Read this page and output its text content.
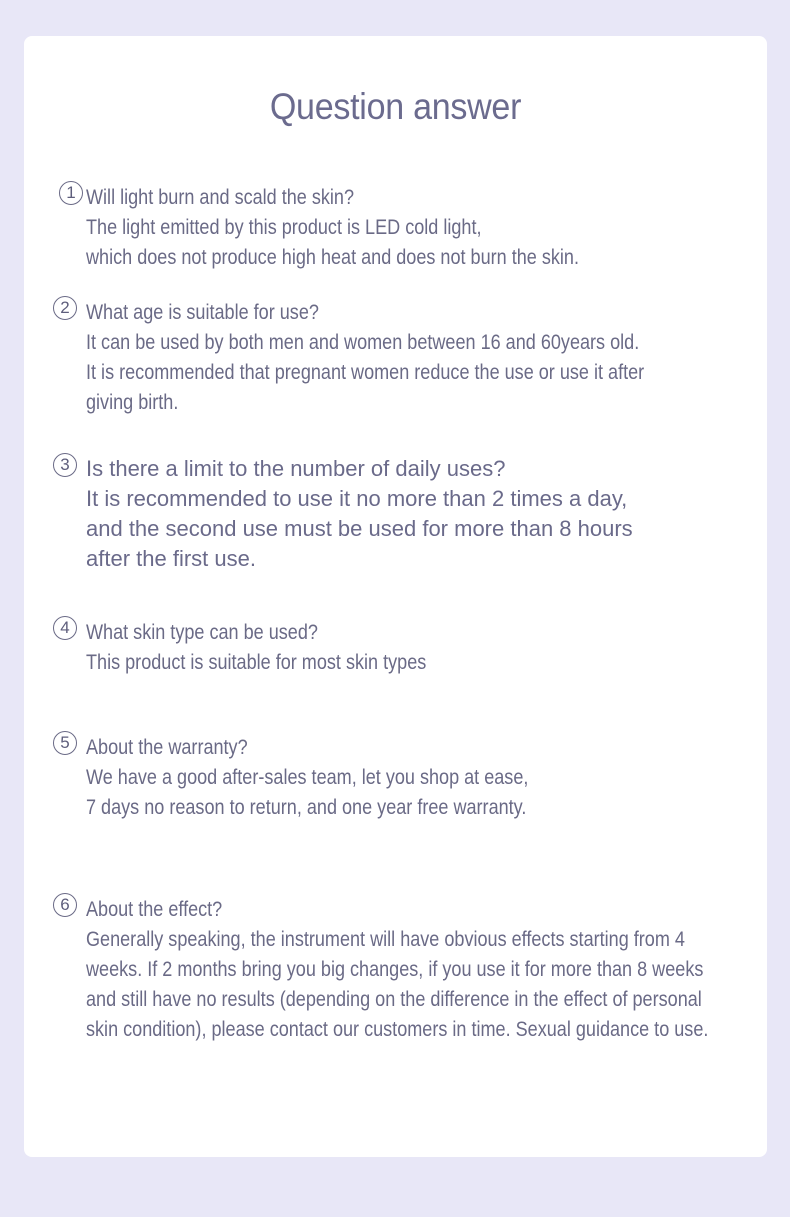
Question answer
1 Will light burn and scald the skin?
The light emitted by this product is LED cold light,
which does not produce high heat and does not burn the skin.
2 What age is suitable for use?
It can be used by both men and women between 16 and 60years old.
It is recommended that pregnant women reduce the use or use it after
giving birth.
3 Is there a limit to the number of daily uses?
It is recommended to use it no more than 2 times a day,
and the second use must be used for more than 8 hours
after the first use.
4 What skin type can be used?
This product is suitable for most skin types
5 About the warranty?
We have a good after-sales team, let you shop at ease,
7 days no reason to return, and one year free warranty.
6 About the effect?
Generally speaking, the instrument will have obvious effects starting from 4
weeks. If 2 months bring you big changes, if you use it for more than 8 weeks
and still have no results (depending on the difference in the effect of personal
skin condition), please contact our customers in time. Sexual guidance to use.
